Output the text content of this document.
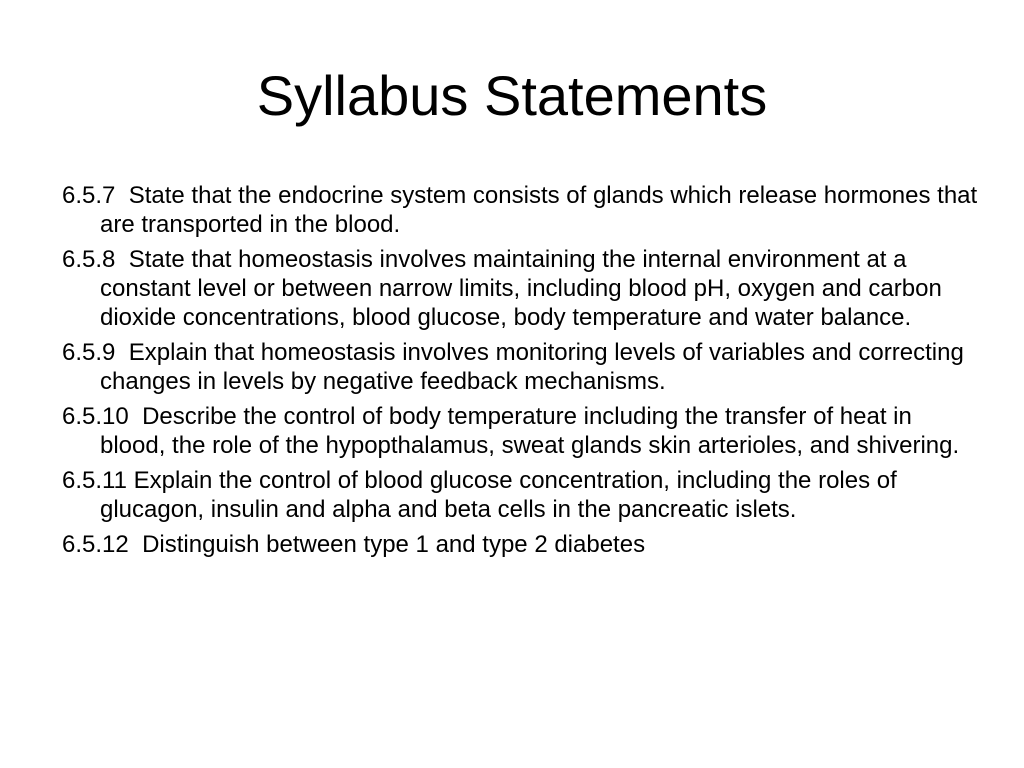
Syllabus Statements
6.5.7  State that the endocrine system consists of glands which release hormones that are transported in the blood.
6.5.8  State that homeostasis involves maintaining the internal environment at a constant level or between narrow limits, including blood pH, oxygen and carbon dioxide concentrations, blood glucose, body temperature and water balance.
6.5.9  Explain that homeostasis involves monitoring levels of variables and correcting changes in levels by negative feedback mechanisms.
6.5.10  Describe the control of body temperature including the transfer of heat in blood, the role of the hypopthalamus, sweat glands skin arterioles, and shivering.
6.5.11 Explain the control of blood glucose concentration, including the roles of glucagon, insulin and alpha and beta cells in the pancreatic islets.
6.5.12  Distinguish between type 1 and type 2 diabetes
